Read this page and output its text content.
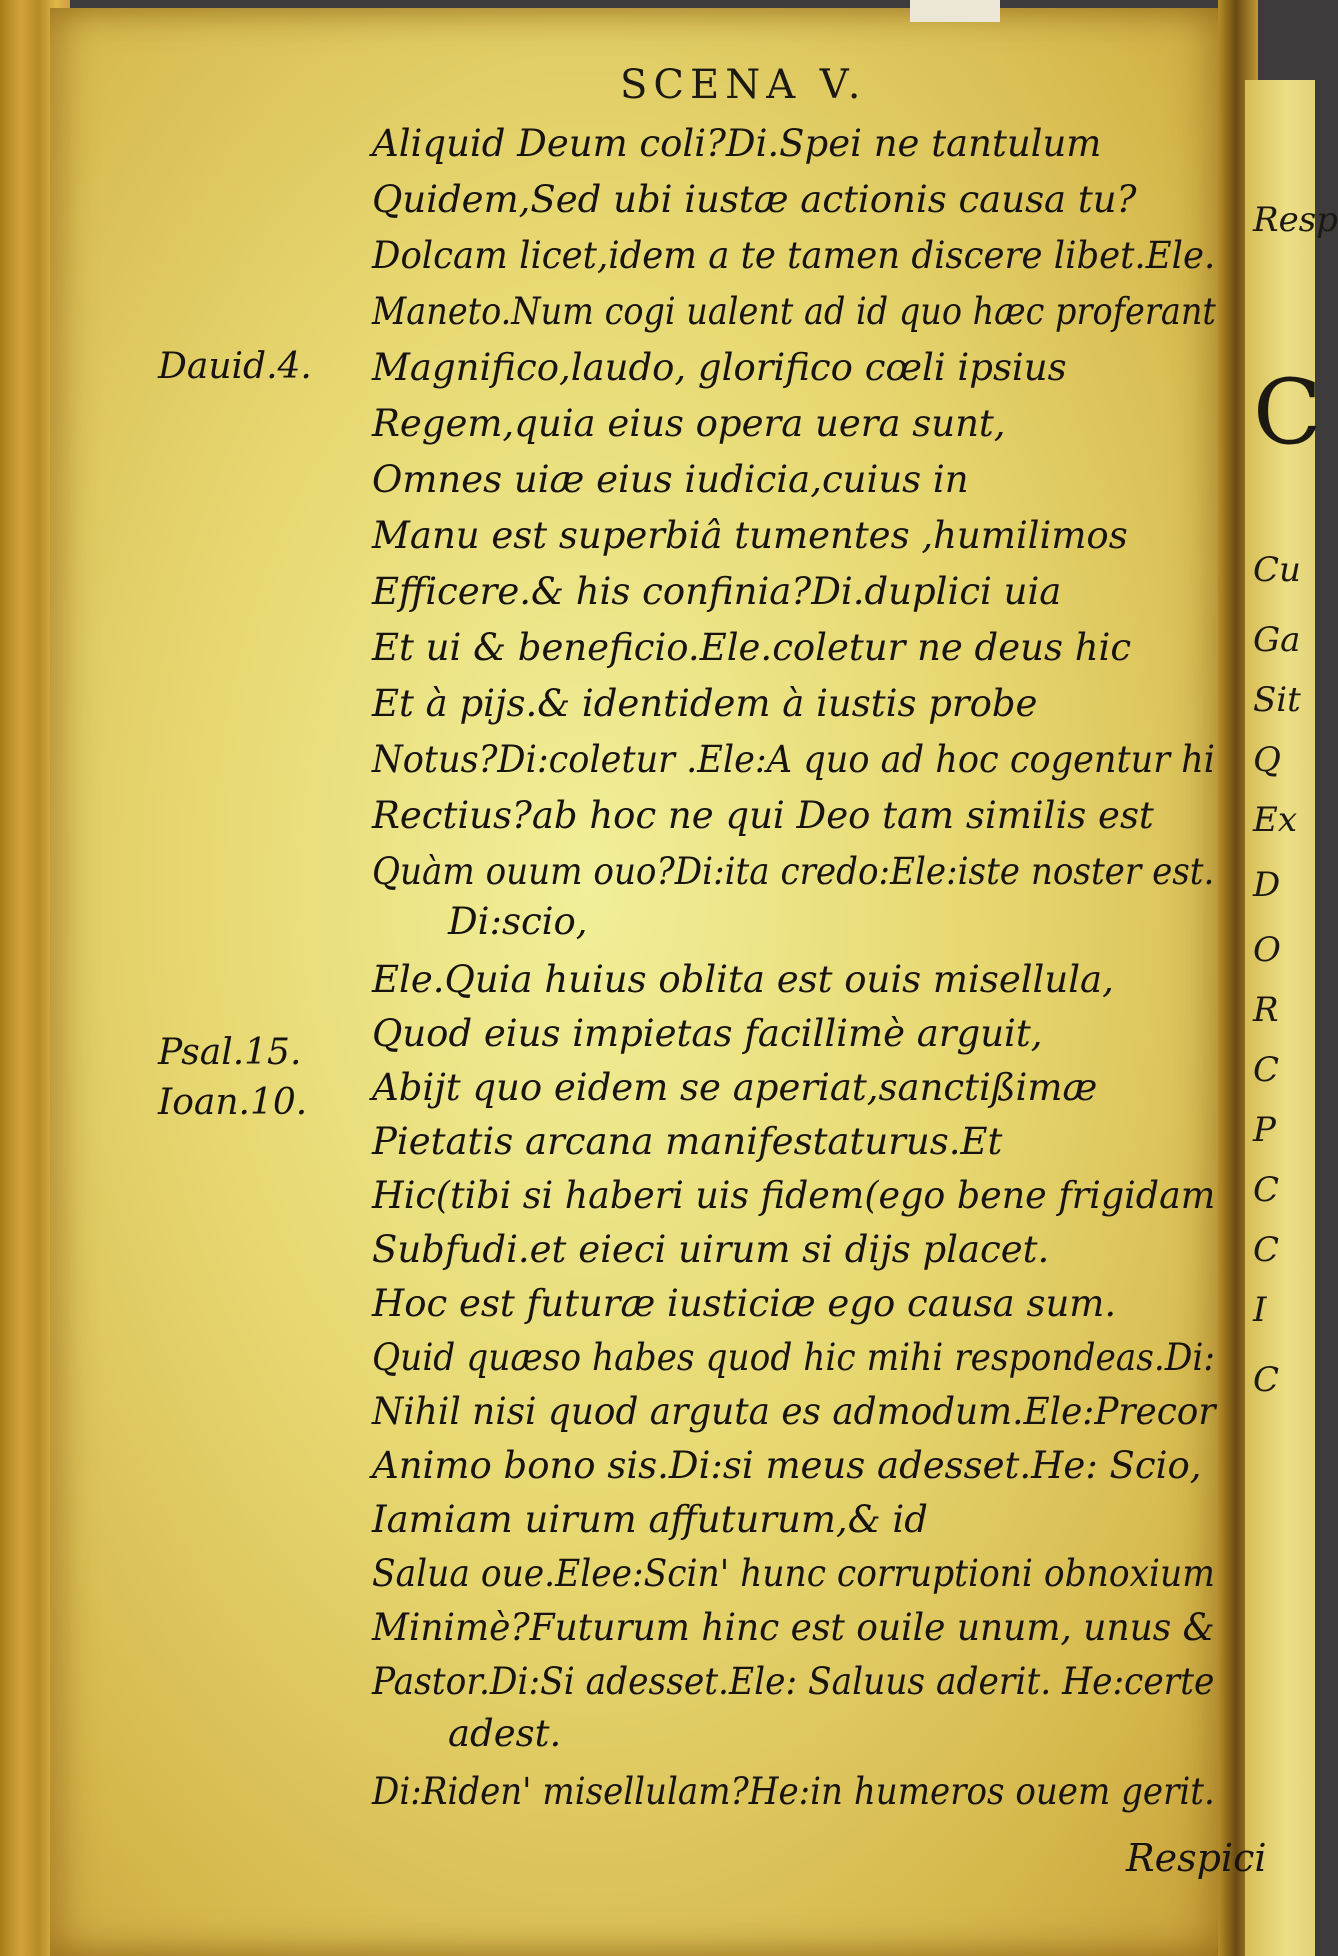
Resp
C
Cu
Ga
Sit
Q
Ex
D
O
R
C
P
C
C
I
C
SCENA V.
Dauid.4.
Psal.15.
Ioan.10.
Aliquid Deum coli?Di.Spei ne tantulum
Quidem,Sed ubi iustæ actionis causa tu?
Dolcam licet,idem a te tamen discere libet.Ele.
Maneto.Num cogi ualent ad id quo hæc proferant
Magnifico,laudo, glorifico cœli ipsius
Regem,quia eius opera uera sunt,
Omnes uiæ eius iudicia,cuius in
Manu est superbiâ tumentes ,humilimos
Efficere.& his confinia?Di.duplici uia
Et ui & beneficio.Ele.coletur ne deus hic
Et à pijs.& identidem à iustis probe
Notus?Di:coletur .Ele:A quo ad hoc cogentur hi
Rectius?ab hoc ne qui Deo tam similis est
Quàm ouum ouo?Di:ita credo:Ele:iste noster est.
Di:scio,
Ele.Quia huius oblita est ouis misellula,
Quod eius impietas facillimè arguit,
Abijt quo eidem se aperiat,sanctißimæ
Pietatis arcana manifestaturus.Et
Hic(tibi si haberi uis fidem(ego bene frigidam
Subfudi.et eieci uirum si dijs placet.
Hoc est futuræ iusticiæ ego causa sum.
Quid quæso habes quod hic mihi respondeas.Di:
Nihil nisi quod arguta es admodum.Ele:Precor
Animo bono sis.Di:si meus adesset.He: Scio,
Iamiam uirum affuturum,& id
Salua oue.Elee:Scin' hunc corruptioni obnoxium
Minimè?Futurum hinc est ouile unum, unus &
Pastor.Di:Si adesset.Ele: Saluus aderit. He:certe
adest.
Di:Riden' misellulam?He:in humeros ouem gerit.
Respici
